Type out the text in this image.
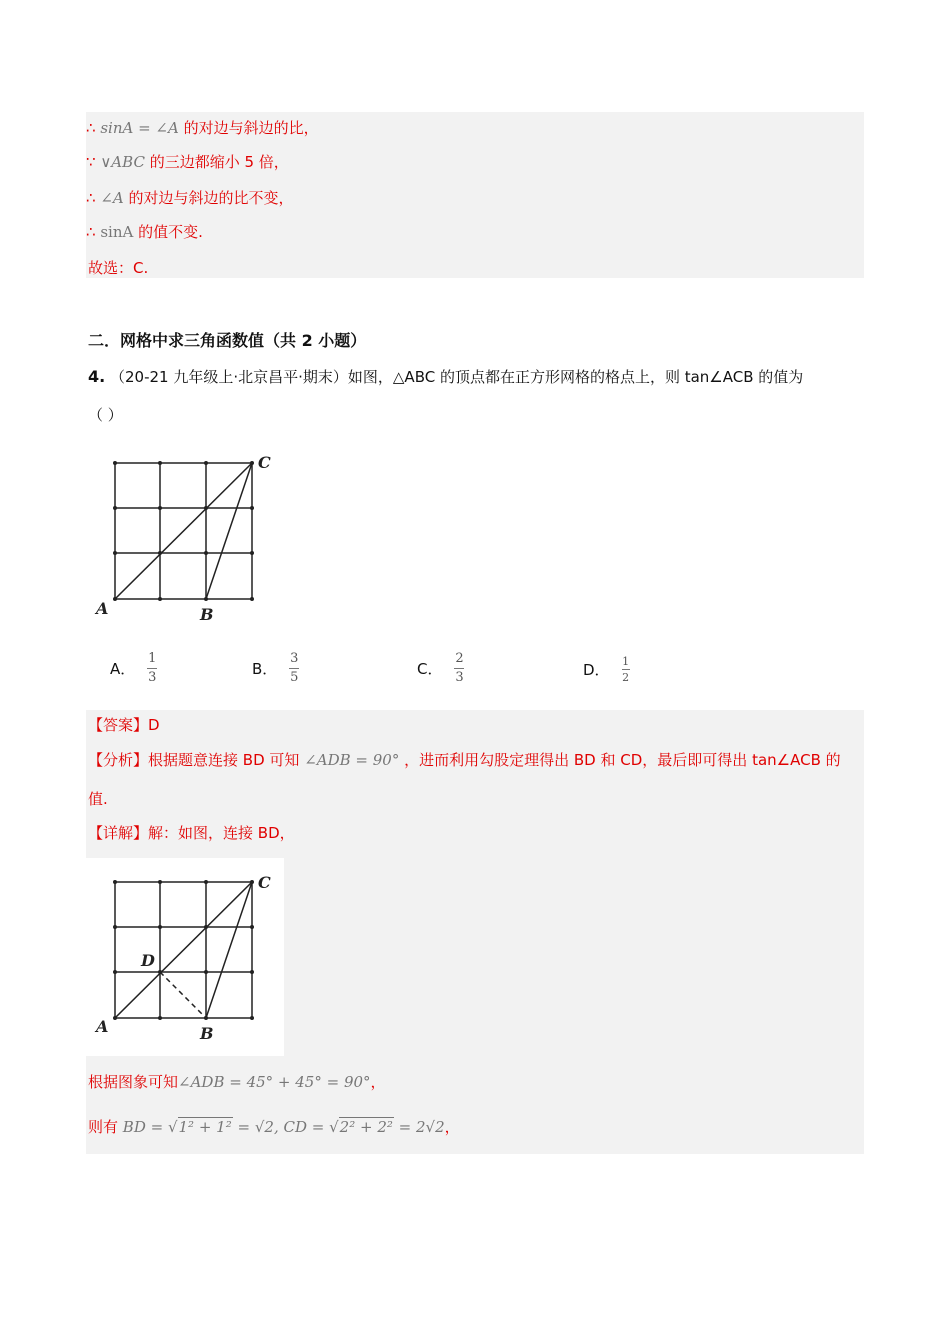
∴ sinA = ∠A 的对边与斜边的比，
∵ ∨ABC 的三边都缩小 5 倍，
∴ ∠A 的对边与斜边的比不变，
∴ sinA 的值不变.
故选：C.
二．网格中求三角函数值（共 2 小题）
4. （20-21 九年级上·北京昌平·期末）如图，△ABC 的顶点都在正方形网格的格点上，则 tan∠ACB 的值为
（ ）
C
A	B
A． $\frac{1}{3}$	B． $\frac{3}{5}$	C． $\frac{2}{3}$	D． $\frac{1}{2}$
【答案】D
【分析】根据题意连接 BD 可知 ∠ADB = 90° ，进而利用勾股定理得出 BD 和 CD，最后即可得出 tan∠ACB 的
值.
【详解】解：如图，连接 BD，
C
D
A	B
根据图象可知∠ADB = 45° + 45° = 90°，
则有 BD = √1² + 1² = √2, CD = √2² + 2² = 2√2，
